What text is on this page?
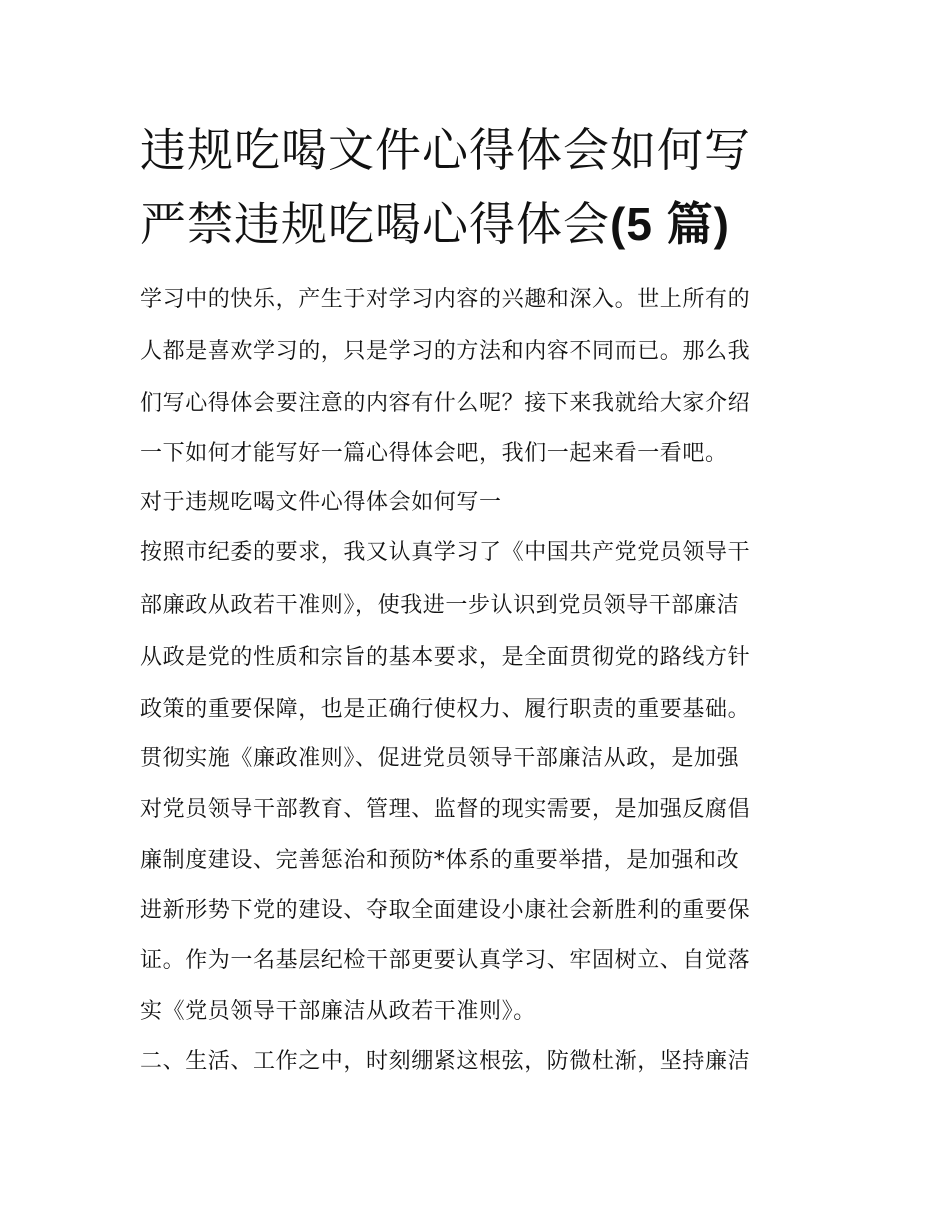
违规吃喝文件心得体会如何写
严禁违规吃喝心得体会(5 篇)
学习中的快乐，产生于对学习内容的兴趣和深入。世上所有的
人都是喜欢学习的，只是学习的方法和内容不同而已。那么我
们写心得体会要注意的内容有什么呢？接下来我就给大家介绍
一下如何才能写好一篇心得体会吧，我们一起来看一看吧。
对于违规吃喝文件心得体会如何写一
按照市纪委的要求，我又认真学习了《中国共产党党员领导干
部廉政从政若干准则》，使我进一步认识到党员领导干部廉洁
从政是党的性质和宗旨的基本要求，是全面贯彻党的路线方针
政策的重要保障，也是正确行使权力、履行职责的重要基础。
贯彻实施《廉政准则》、促进党员领导干部廉洁从政，是加强
对党员领导干部教育、管理、监督的现实需要，是加强反腐倡
廉制度建设、完善惩治和预防*体系的重要举措，是加强和改
进新形势下党的建设、夺取全面建设小康社会新胜利的重要保
证。作为一名基层纪检干部更要认真学习、牢固树立、自觉落
实《党员领导干部廉洁从政若干准则》。
二、生活、工作之中，时刻绷紧这根弦，防微杜渐，坚持廉洁
